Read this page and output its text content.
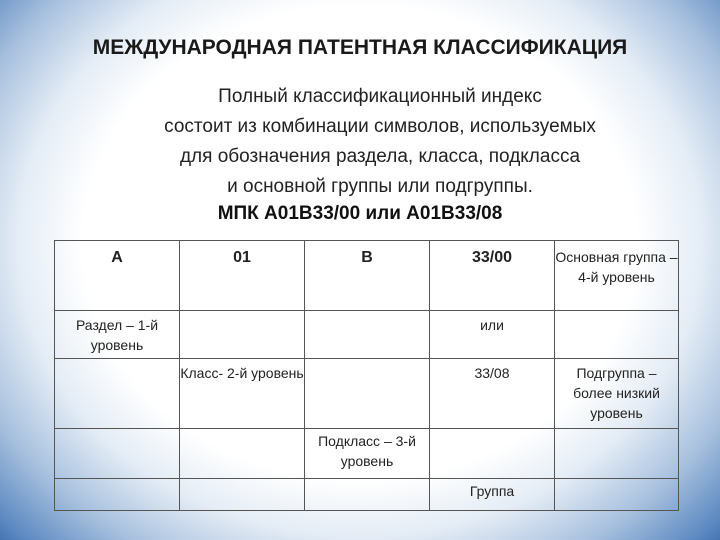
МЕЖДУНАРОДНАЯ ПАТЕНТНАЯ КЛАССИФИКАЦИЯ
Полный классификационный индекс
состоит из комбинации символов, используемых
для обозначения раздела, класса, подкласса
и основной группы или подгруппы.
МПК А01В33/00 или А01В33/08
А	01	В	33/00	Основная группа – 4-й уровень

Раздел – 1-й уровень			или	

	Класс- 2-й уровень		33/08	Подгруппа – более низкий уровень

		Подкласс – 3-й уровень		

			Группа	
